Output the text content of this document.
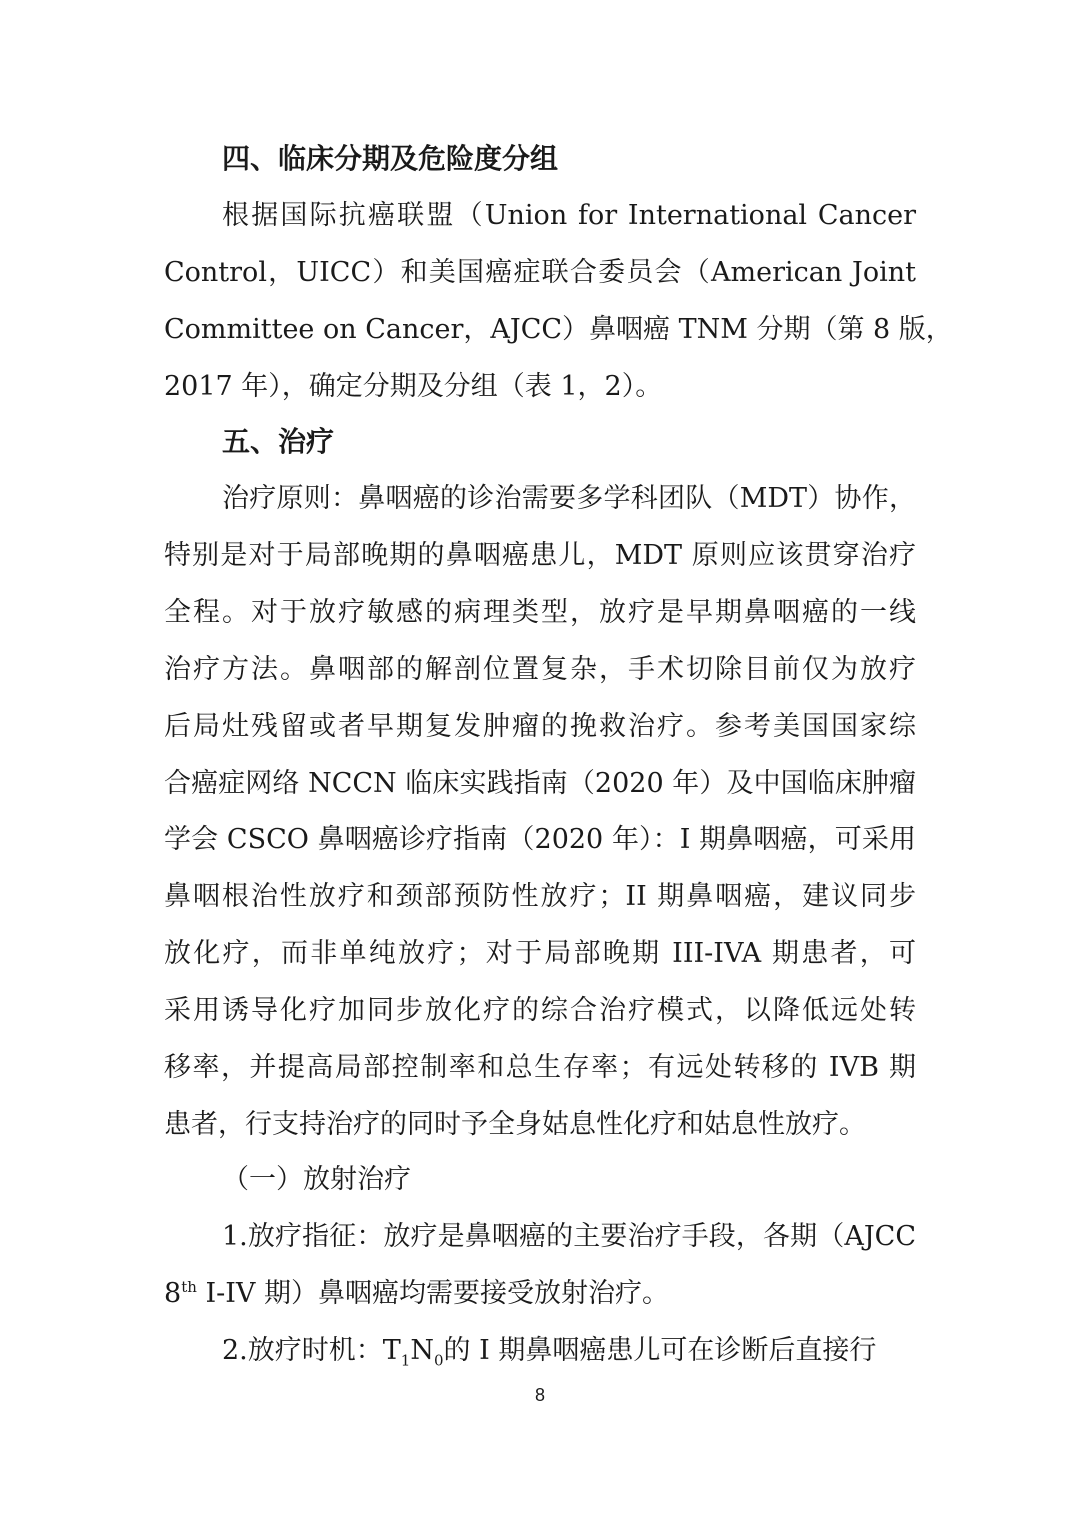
四、临床分期及危险度分组
根据国际抗癌联盟（Union for International Cancer
Control，UICC）和美国癌症联合委员会（American Joint
Committee on Cancer，AJCC）鼻咽癌 TNM 分期（第 8 版，
2017 年），确定分期及分组（表 1，2）。
五、治疗
治疗原则：鼻咽癌的诊治需要多学科团队（MDT）协作，
特别是对于局部晚期的鼻咽癌患儿，MDT 原则应该贯穿治疗
全程。对于放疗敏感的病理类型，放疗是早期鼻咽癌的一线
治疗方法。鼻咽部的解剖位置复杂，手术切除目前仅为放疗
后局灶残留或者早期复发肿瘤的挽救治疗。参考美国国家综
合癌症网络 NCCN 临床实践指南（2020 年）及中国临床肿瘤
学会 CSCO 鼻咽癌诊疗指南（2020 年）：I 期鼻咽癌，可采用
鼻咽根治性放疗和颈部预防性放疗；II 期鼻咽癌，建议同步
放化疗，而非单纯放疗；对于局部晚期 III-IVA 期患者，可
采用诱导化疗加同步放化疗的综合治疗模式，以降低远处转
移率，并提高局部控制率和总生存率；有远处转移的 IVB 期
患者，行支持治疗的同时予全身姑息性化疗和姑息性放疗。
（一）放射治疗
1.放疗指征：放疗是鼻咽癌的主要治疗手段，各期（AJCC
8th I-IV 期）鼻咽癌均需要接受放射治疗。
2.放疗时机：$T_1N_0$的 I 期鼻咽癌患儿可在诊断后直接行
8
